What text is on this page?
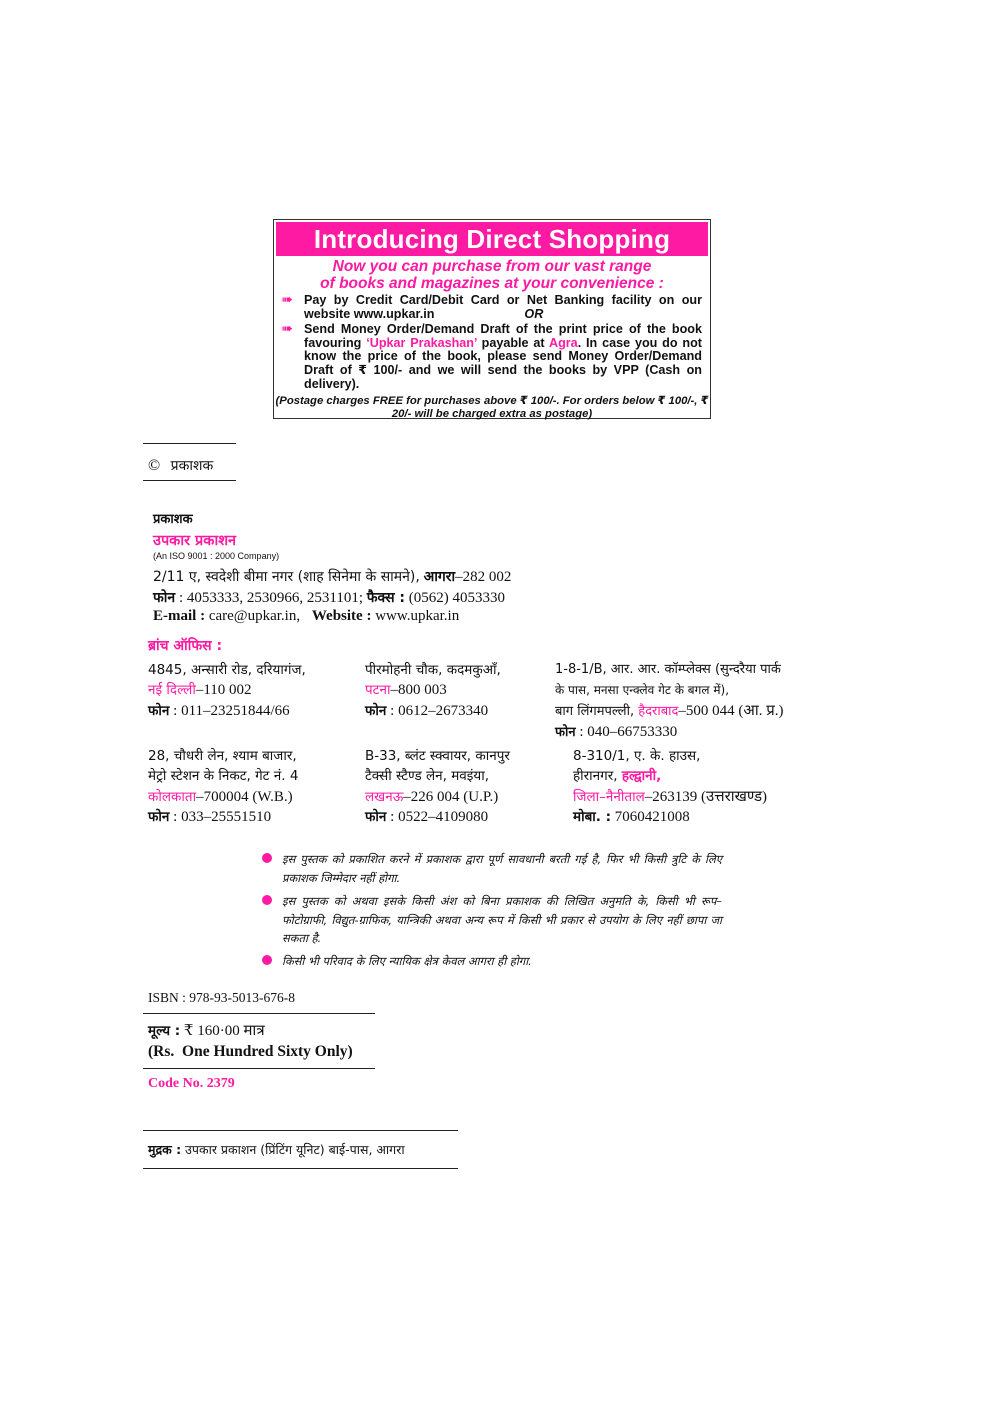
Introducing Direct Shopping
Now you can purchase from our vast range
of books and magazines at your convenience :
➠ Pay by Credit Card/Debit Card or Net Banking facility on our website www.upkar.in	OR
➠ Send Money Order/Demand Draft of the print price of the book favouring ‘Upkar Prakashan’ payable at Agra. In case you do not know the price of the book, please send Money Order/Demand Draft of ₹ 100/- and we will send the books by VPP (Cash on delivery).
(Postage charges FREE for purchases above ₹ 100/-. For orders below ₹ 100/-, ₹ 20/- will be charged extra as postage)
© प्रकाशक
प्रकाशक
उपकार प्रकाशन
(An ISO 9001 : 2000 Company)
2/11 ए, स्वदेशी बीमा नगर (शाह सिनेमा के सामने), आगरा–282 002
फोन : 4053333, 2530966, 2531101; फैक्स : (0562) 4053330
E-mail : care@upkar.in, Website : www.upkar.in
ब्रांच ऑफिस :
4845, अन्सारी रोड, दरियागंज,
नई दिल्ली–110 002
फोन : 011–23251844/66
पीरमोहनी चौक, कदमकुआँ,
पटना–800 003
फोन : 0612–2673340
1-8-1/B, आर. आर. कॉम्प्लेक्स (सुन्दरैया पार्क
के पास, मनसा एन्क्लेव गेट के बगल में),
बाग लिंगमपल्ली, हैदराबाद–500 044 (आ. प्र.)
फोन : 040–66753330
28, चौधरी लेन, श्याम बाजार,
मेट्रो स्टेशन के निकट, गेट नं. 4
कोलकाता–700004 (W.B.)
फोन : 033–25551510
B-33, ब्लंट स्क्वायर, कानपुर
टैक्सी स्टैण्ड लेन, मवइंया,
लखनऊ–226 004 (U.P.)
फोन : 0522–4109080
8-310/1, ए. के. हाउस,
हीरानगर, हल्द्वानी,
जिला–नैनीताल–263139 (उत्तराखण्ड)
मोबा. : 7060421008
इस पुस्तक को प्रकाशित करने में प्रकाशक द्वारा पूर्ण सावधानी बरती गई है, फिर भी किसी त्रुटि के लिए प्रकाशक जिम्मेदार नहीं होगा.
इस पुस्तक को अथवा इसके किसी अंश को बिना प्रकाशक की लिखित अनुमति के, किसी भी रूप–फोटोग्राफी, विद्युत-ग्राफिक, यान्त्रिकी अथवा अन्य रूप में किसी भी प्रकार से उपयोग के लिए नहीं छापा जा सकता है.
किसी भी परिवाद के लिए न्यायिक क्षेत्र केवल आगरा ही होगा.
ISBN : 978-93-5013-676-8
मूल्य : ₹ 160·00 मात्र
(Rs.  One Hundred Sixty Only)
Code No. 2379
मुद्रक : उपकार प्रकाशन (प्रिंटिंग यूनिट) बाई-पास, आगरा
